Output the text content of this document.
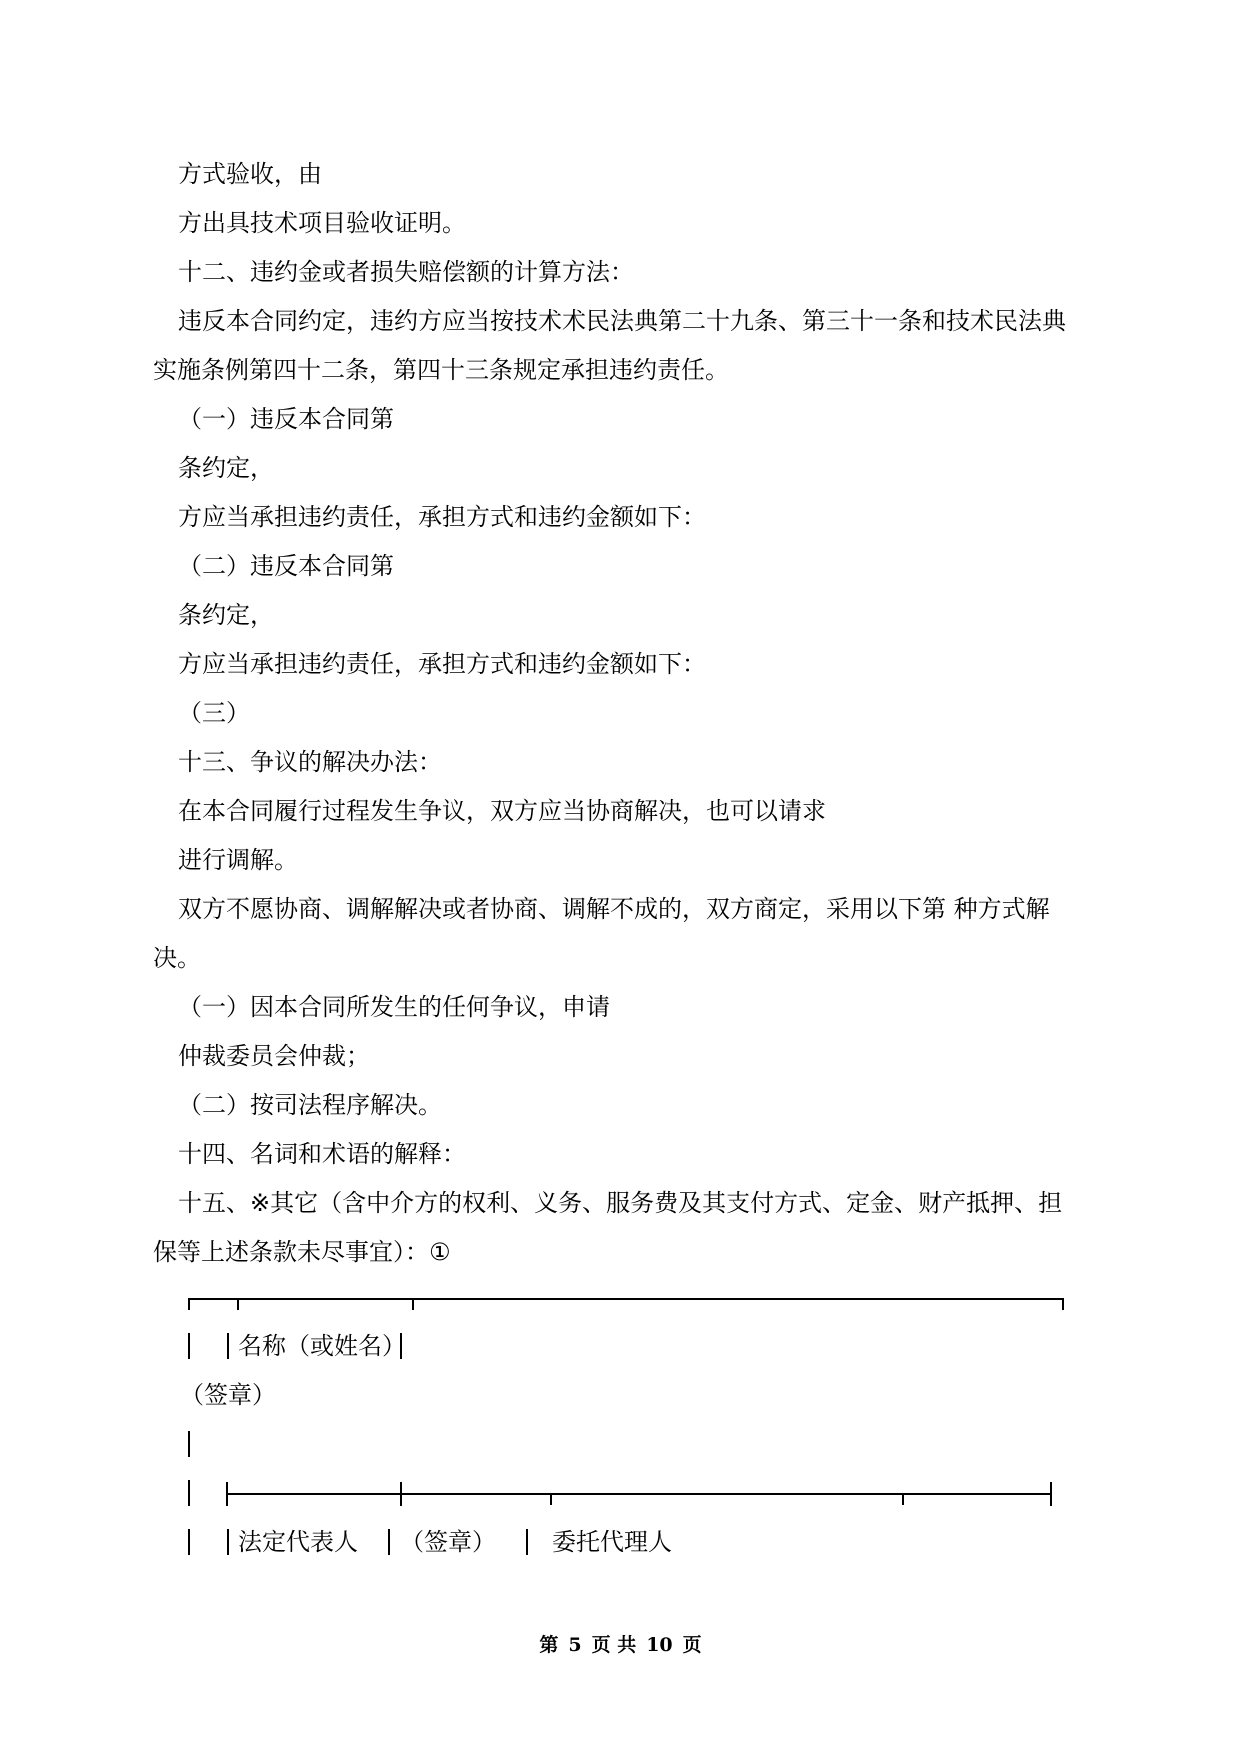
方式验收，由
方出具技术项目验收证明。
十二、违约金或者损失赔偿额的计算方法：
违反本合同约定，违约方应当按技术术民法典第二十九条、第三十一条和技术民法典
实施条例第四十二条，第四十三条规定承担违约责任。
（一）违反本合同第
条约定，
方应当承担违约责任，承担方式和违约金额如下：
（二）违反本合同第
条约定，
方应当承担违约责任，承担方式和违约金额如下：
（三）
十三、争议的解决办法：
在本合同履行过程发生争议，双方应当协商解决，也可以请求
进行调解。
双方不愿协商、调解解决或者协商、调解不成的，双方商定，采用以下第 种方式解
决。
（一）因本合同所发生的任何争议，申请
仲裁委员会仲裁；
（二）按司法程序解决。
十四、名词和术语的解释：
十五、※其它（含中介方的权利、义务、服务费及其支付方式、定金、财产抵押、担
保等上述条款未尽事宜）：①
名称（或姓名）
（签章）
法定代表人 （签章） 委托代理人
第 5 页 共 10 页
